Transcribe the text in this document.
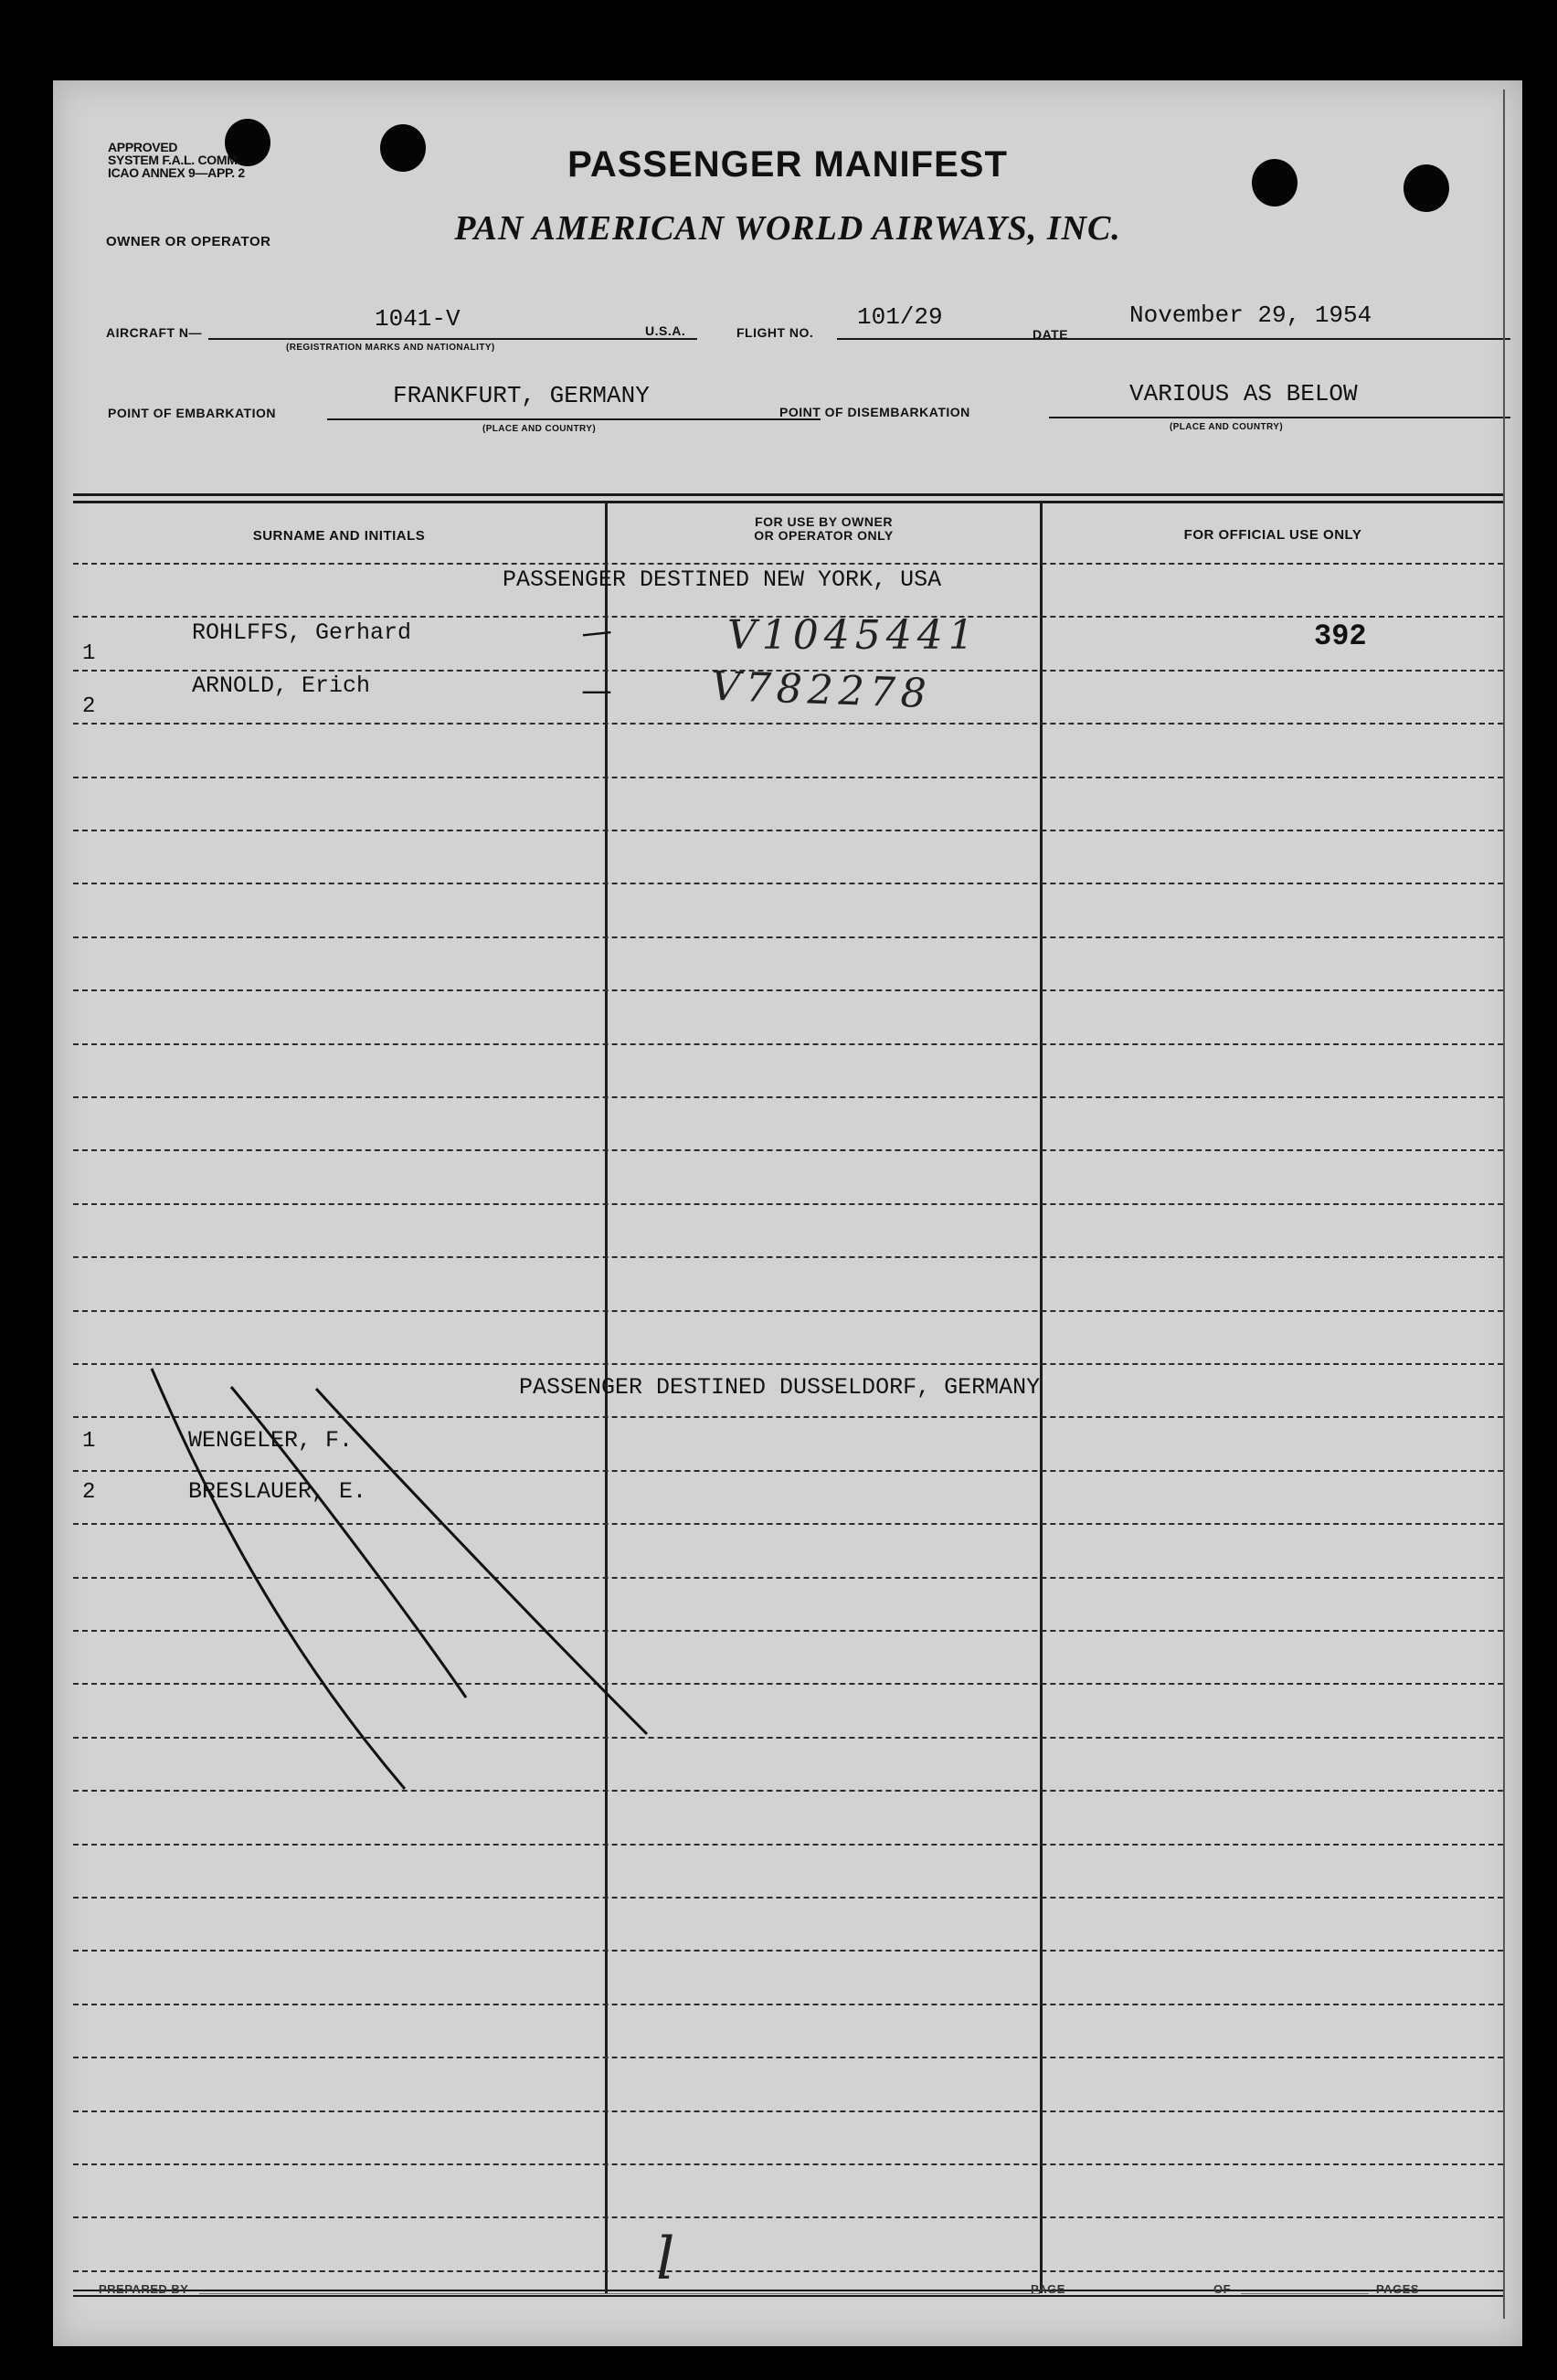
APPROVED
SYSTEM F.A.L. COMM.
ICAO ANNEX 9—APP. 2
OWNER OR OPERATOR
PASSENGER MANIFEST
PAN AMERICAN WORLD AIRWAYS, INC.
AIRCRAFT N—	1041-V
(REGISTRATION MARKS AND NATIONALITY)
U.S.A.	FLIGHT NO.
101/29
DATE
November 29, 1954
POINT OF EMBARKATION
FRANKFURT, GERMANY
(PLACE AND COUNTRY)
POINT OF DISEMBARKATION
VARIOUS AS BELOW
(PLACE AND COUNTRY)
SURNAME AND INITIALS
FOR USE BY OWNER
OR OPERATOR ONLY	FOR OFFICIAL USE ONLY
PASSENGER DESTINED NEW YORK, USA
1
ROHLFFS, Gerhard	—	V1045441	392
2
ARNOLD, Erich	— V782278
PASSENGER DESTINED DUSSELDORF, GERMANY
1	WENGELER, F.
2	BRESLAUER, E.
PREPARED BY	l	PAGE	OF	PAGES
